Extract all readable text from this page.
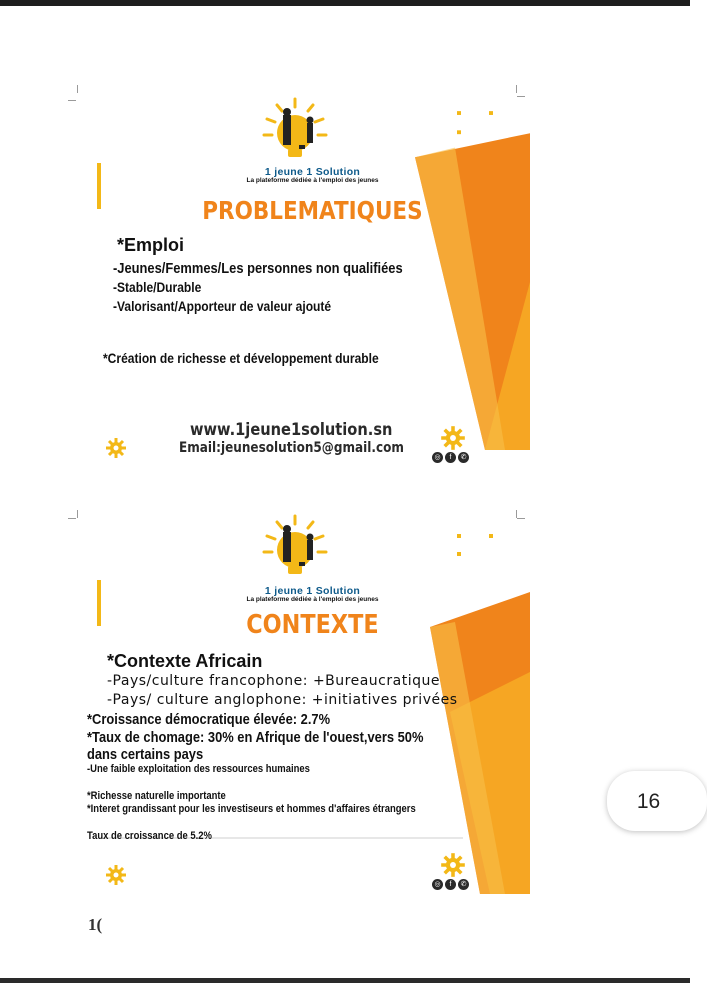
1 jeune 1 Solution
La plateforme dédiée à l'emploi des jeunes
PROBLEMATIQUES
*Emploi
-Jeunes/Femmes/Les personnes non qualifiées
-Stable/Durable
-Valorisant/Apporteur de valeur ajouté
*Création de richesse et développement durable
www.1jeune1solution.sn
Email:jeunesolution5@gmail.com
◎	f	✆
1 jeune 1 Solution
La plateforme dédiée à l'emploi des jeunes
CONTEXTE
*Contexte Africain
-Pays/culture francophone: +Bureaucratique
-Pays/ culture anglophone: +initiatives privées
*Croissance démocratique élevée: 2.7%
*Taux de chomage: 30% en Afrique de l'ouest,vers 50%
dans certains pays
-Une faible exploitation des ressources humaines
*Richesse naturelle importante
*Interet grandissant pour les investiseurs et hommes d'affaires étrangers
Taux de croissance de 5.2%
◎	f	✆
16
1(
